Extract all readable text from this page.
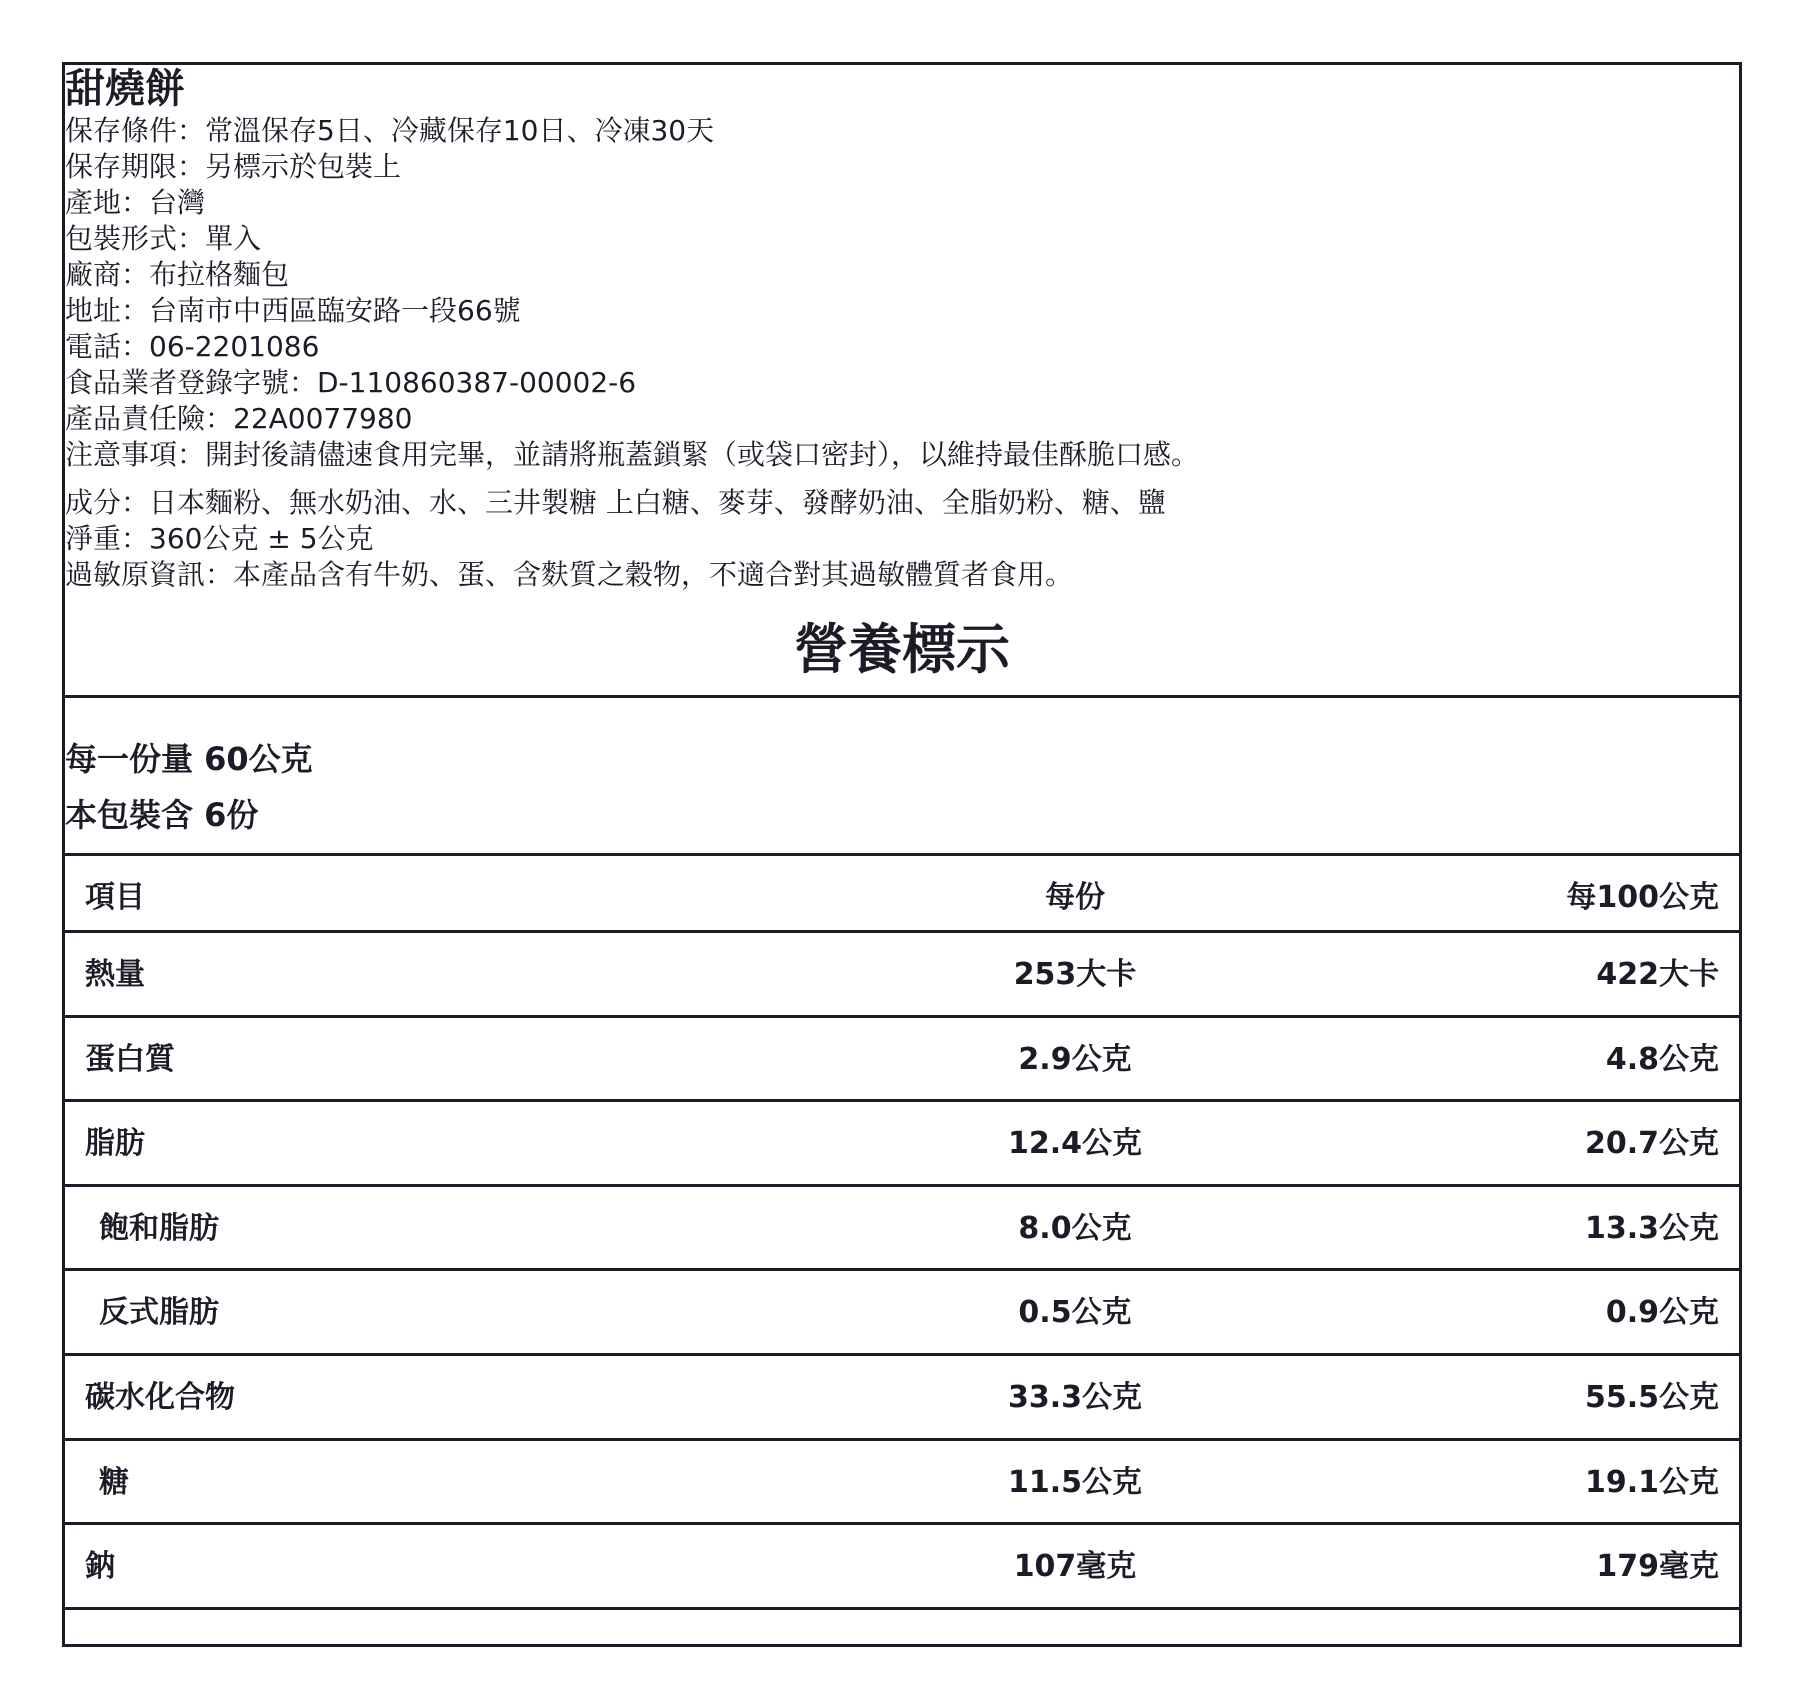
甜燒餅
保存條件：常溫保存5日、冷藏保存10日、冷凍30天
保存期限：另標示於包裝上
產地：台灣
包裝形式：單入
廠商：布拉格麵包
地址：台南市中西區臨安路一段66號
電話：06-2201086
食品業者登錄字號：D-110860387-00002-6
產品責任險：22A0077980
注意事項：開封後請儘速食用完畢，並請將瓶蓋鎖緊（或袋口密封），以維持最佳酥脆口感。
成分：日本麵粉、無水奶油、水、三井製糖 上白糖、麥芽、發酵奶油、全脂奶粉、糖、鹽
淨重：360公克 ± 5公克
過敏原資訊：本產品含有牛奶、蛋、含麩質之穀物，不適合對其過敏體質者食用。
營養標示
每一份量 60公克
本包裝含 6份
項目	每份	每100公克
熱量	253大卡	422大卡
蛋白質	2.9公克	4.8公克
脂肪	12.4公克	20.7公克
飽和脂肪	8.0公克	13.3公克
反式脂肪	0.5公克	0.9公克
碳水化合物	33.3公克	55.5公克
糖	11.5公克	19.1公克
鈉	107毫克	179毫克
